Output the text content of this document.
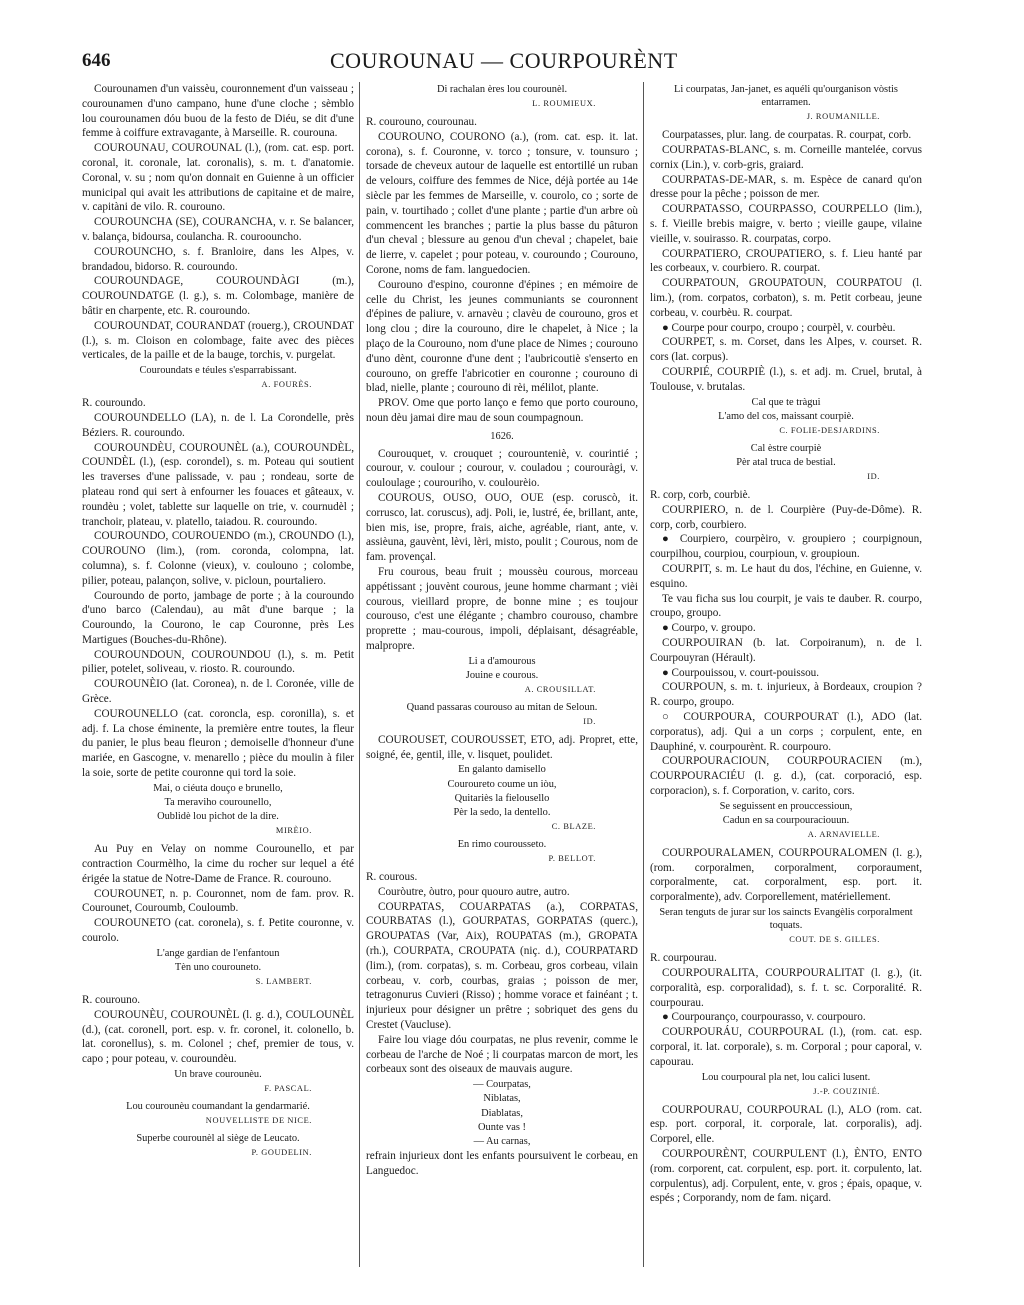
646	COUROUNAU — COURPOURÈNT
Courounamen d'un vaissèu, couronnement d'un vaisseau ; courounamen d'uno campano, hune d'une cloche ; sèmblo lou courounamen dóu buou de la festo de Diéu, se dit d'une femme à coiffure extravagante, à Marseille. R. courouna.
COUROUNAU, COUROUNAL (l.), (rom. cat. esp. port. coronal, it. coronale, lat. coronalis), s. m. t. d'anatomie. Coronal, v. su ; nom qu'on donnait en Guienne à un officier municipal qui avait les attributions de capitaine et de maire, v. capitàni de vilo. R. courouno.
COUROUNCHA (SE), COURANCHA, v. r. Se balancer, v. balança, bidoursa, coulancha. R. couroouncho.
COUROUNCHO, s. f. Branloire, dans les Alpes, v. brandadou, bidorso. R. couroundo.
COUROUNDAGE, COUROUNDÀGI (m.), COUROUNDATGE (l. g.), s. m. Colombage, manière de bâtir en charpente, etc. R. couroundo.
COUROUNDAT, COURANDAT (rouerg.), CROUNDAT (l.), s. m. Cloison en colombage, faite avec des pièces verticales, de la paille et de la bauge, torchis, v. purgelat.
Couroundats e téules s'esparrabissant.
A. FOURÈS.
R. couroundo.
COUROUNDELLO (LA), n. de l. La Corondelle, près Béziers. R. couroundo.
COUROUNDÈU, COUROUNÈL (a.), COUROUNDÈL, COUNDÈL (l.), (esp. corondel), s. m. Poteau qui soutient les traverses d'une palissade, v. pau ; rondeau, sorte de plateau rond qui sert à enfourner les fouaces et gâteaux, v. roundèu ; volet, tablette sur laquelle on trie, v. cournudèl ; tranchoir, plateau, v. platello, taiadou. R. couroundo.
COUROUNDO, COUROUENDO (m.), CROUNDO (l.), COUROUNO (lim.), (rom. coronda, colompna, lat. columna), s. f. Colonne (vieux), v. coulouno ; colombe, pilier, poteau, palançon, solive, v. picloun, pourtaliero.
Couroundo de porto, jambage de porte ; à la couroundo d'uno barco (Calendau), au mât d'une barque ; la Couroundo, la Courono, le cap Couronne, près Les Martigues (Bouches-du-Rhône).
COUROUNDOUN, COUROUNDOU (l.), s. m. Petit pilier, potelet, soliveau, v. riosto. R. couroundo.
COUROUNÈIO (lat. Coronea), n. de l. Coronée, ville de Grèce.
COUROUNELLO (cat. coroncla, esp. coronilla), s. et adj. f. La chose éminente, la première entre toutes, la fleur du panier, le plus beau fleuron ; demoiselle d'honneur d'une mariée, en Gascogne, v. menarello ; pièce du moulin à filer la soie, sorte de petite couronne qui tord la soie.
Mai, o ciéuta douço e brunello,
Ta meraviho courounello,
Oublidè lou pichot de la dire.
MIRÈIO.
Au Puy en Velay on nomme Courounello, et par contraction Courmèlho, la cime du rocher sur lequel a été érigée la statue de Notre-Dame de France. R. courouno.
COUROUNET, n. p. Couronnet, nom de fam. prov. R. Courounet, Couroumb, Couloumb.
COUROUNETO (cat. coronela), s. f. Petite couronne, v. courolo.
L'ange gardian de l'enfantoun
Tèn uno courouneto.
S. LAMBERT.
R. courouno.
COUROUNÈU, COUROUNÈL (l. g. d.), COULOUNÈL (d.), (cat. coronell, port. esp. v. fr. coronel, it. colonello, b. lat. coronellus), s. m. Colonel ; chef, premier de tous, v. capo ; pour poteau, v. couroundèu.
Un brave courounèu.
F. PASCAL.
Lou courounèu coumandant la gendarmarié.
NOUVELLISTE DE NICE.
Superbe courounèl al siège de Leucato.
P. GOUDELIN.
Di rachalan ères lou courounèl.
L. ROUMIEUX.
R. courouno, courounau.
COUROUNO, COURONO (a.), (rom. cat. esp. it. lat. corona), s. f. Couronne, v. torco ; tonsure, v. tounsuro ; torsade de cheveux autour de laquelle est entortillé un ruban de velours, coiffure des femmes de Nice, déjà portée au 14e siècle par les femmes de Marseille, v. courolo, co ; sorte de pain, v. tourtihado ; collet d'une plante ; partie d'un arbre où commencent les branches ; partie la plus basse du pâturon d'un cheval ; blessure au genou d'un cheval ; chapelet, baie de lierre, v. capelet ; pour poteau, v. couroundo ; Courouno, Corone, noms de fam. languedocien.
Courouno d'espino, couronne d'épines ; en mémoire de celle du Christ, les jeunes communiants se couronnent d'épines de paliure, v. arnavèu ; clavèu de courouno, gros et long clou ; dire la courouno, dire le chapelet, à Nice ; la plaço de la Courouno, nom d'une place de Nimes ; courouno d'uno dènt, couronne d'une dent ; l'aubricoutiè s'enserto en courouno, on greffe l'abricotier en couronne ; courouno di blad, nielle, plante ; courouno di rèi, mélilot, plante.
PROV. Ome que porto lanço e femo que porto courouno, noun dèu jamai dire mau de soun coumpagnoun.
1626.
Courouquet, v. crouquet ; courounteniè, v. courintié ; courour, v. coulour ; courour, v. couladou ; courouràgi, v. couloulage ; courouriho, v. coulourèio.
COUROUS, OUSO, OUO, OUE (esp. coruscò, it. corrusco, lat. coruscus), adj. Poli, ie, lustré, ée, brillant, ante, bien mis, ise, propre, frais, aiche, agréable, riant, ante, v. assièuna, gauvènt, lèvi, lèri, misto, poulit ; Courous, nom de fam. provençal.
Fru courous, beau fruit ; moussèu courous, morceau appétissant ; jouvènt courous, jeune homme charmant ; vièi courous, vieillard propre, de bonne mine ; es toujour courouso, c'est une élégante ; chambro courouso, chambre proprette ; mau-courous, impoli, déplaisant, désagréable, malpropre.
Li a d'amourous
Jouine e courous.
A. CROUSILLAT.
Quand passaras courouso au mitan de Seloun.
ID.
COUROUSET, COUROUSSET, ETO, adj. Propret, ette, soigné, ée, gentil, ille, v. lisquet, poulidet.
En galanto damisello
Couroureto coume un iòu,
Quitariès la fielousello
Pèr la sedo, la dentello.
C. BLAZE.
En rimo courousseto.
P. BELLOT.
R. courous.
Couròutre, òutro, pour quouro autre, autro.
COURPATAS, COUARPATAS (a.), CORPATAS, COURBATAS (l.), GOURPATAS, GORPATAS (querc.), GROUPATAS (Var, Aix), ROUPATAS (m.), GROPATA (rh.), COURPATA, CROUPATA (niç. d.), COURPATARD (lim.), (rom. corpatas), s. m. Corbeau, gros corbeau, vilain corbeau, v. corb, courbas, graias ; poisson de mer, tetragonurus Cuvieri (Risso) ; homme vorace et fainéant ; t. injurieux pour désigner un prêtre ; sobriquet des gens du Crestet (Vaucluse).
Faire lou viage dóu courpatas, ne plus revenir, comme le corbeau de l'arche de Noé ; li courpatas marcon de mort, les corbeaux sont des oiseaux de mauvais augure.
— Courpatas,
Niblatas,
Diablatas,
Ounte vas !
— Au carnas,
refrain injurieux dont les enfants poursuivent le corbeau, en Languedoc.
Li courpatas, Jan-janet, es aquéli qu'ourganison vòstis entarramen.
J. ROUMANILLE.
Courpatasses, plur. lang. de courpatas. R. courpat, corb.
COURPATAS-BLANC, s. m. Corneille mantelée, corvus cornix (Lin.), v. corb-gris, graiard.
COURPATAS-DE-MAR, s. m. Espèce de canard qu'on dresse pour la pêche ; poisson de mer.
COURPATASSO, COURPASSO, COURPELLO (lim.), s. f. Vieille brebis maigre, v. berto ; vieille gaupe, vilaine vieille, v. souirasso. R. courpatas, corpo.
COURPATIERO, CROUPATIERO, s. f. Lieu hanté par les corbeaux, v. courbiero. R. courpat.
COURPATOUN, GROUPATOUN, COURPATOU (l. lim.), (rom. corpatos, corbaton), s. m. Petit corbeau, jeune corbeau, v. courbèu. R. courpat.
● Courpe pour courpo, croupo ; courpèl, v. courbèu.
COURPET, s. m. Corset, dans les Alpes, v. courset. R. cors (lat. corpus).
COURPIÉ, COURPIÈ (l.), s. et adj. m. Cruel, brutal, à Toulouse, v. brutalas.
Cal que te tràgui
L'amo del cos, maissant courpiè.
C. FOLIE-DESJARDINS.
Cal èstre courpiè
Pèr atal truca de bestial.
ID.
R. corp, corb, courbiè.
COURPIERO, n. de l. Courpière (Puy-de-Dôme). R. corp, corb, courbiero.
● Courpiero, courpèiro, v. groupiero ; courpignoun, courpilhou, courpiou, courpioun, v. groupioun.
COURPIT, s. m. Le haut du dos, l'échine, en Guienne, v. esquino.
Te vau ficha sus lou courpit, je vais te dauber. R. courpo, croupo, groupo.
● Courpo, v. groupo.
COURPOUIRAN (b. lat. Corpoiranum), n. de l. Courpouyran (Hérault).
● Courpouissou, v. court-pouissou.
COURPOUN, s. m. t. injurieux, à Bordeaux, croupion ? R. courpo, groupo.
○ COURPOURA, COURPOURAT (l.), ADO (lat. corporatus), adj. Qui a un corps ; corpulent, ente, en Dauphiné, v. courpourènt. R. courpouro.
COURPOURACIOUN, COURPOURACIEN (m.), COURPOURACIÉU (l. g. d.), (cat. corporació, esp. corporacion), s. f. Corporation, v. carito, cors.
Se seguissent en prouccessioun,
Cadun en sa courpouraciouun.
A. ARNAVIELLE.
COURPOURALAMEN, COURPOURALOMEN (l. g.), (rom. corporalmen, corporalment, corporaument, corporalmente, cat. corporalment, esp. port. it. corporalmente), adv. Corporellement, matériellement.
Seran tenguts de jurar sur los saincts Evangèlis corporalment toquats.
COUT. DE S. GILLES.
R. courpourau.
COURPOURALITA, COURPOURALITAT (l. g.), (it. corporalità, esp. corporalidad), s. f. t. sc. Corporalité. R. courpourau.
● Courpouranço, courpourasso, v. courpouro.
COURPOURÁU, COURPOURAL (l.), (rom. cat. esp. corporal, it. lat. corporale), s. m. Corporal ; pour caporal, v. capourau.
Lou courpoural pla net, lou calici lusent.
J.-P. COUZINIÉ.
COURPOURAU, COURPOURAL (l.), ALO (rom. cat. esp. port. corporal, it. corporale, lat. corporalis), adj. Corporel, elle.
COURPOURÈNT, COURPULENT (l.), ÈNTO, ENTO (rom. corporent, cat. corpulent, esp. port. it. corpulento, lat. corpulentus), adj. Corpulent, ente, v. gros ; épais, opaque, v. espés ; Corporandy, nom de fam. niçard.
